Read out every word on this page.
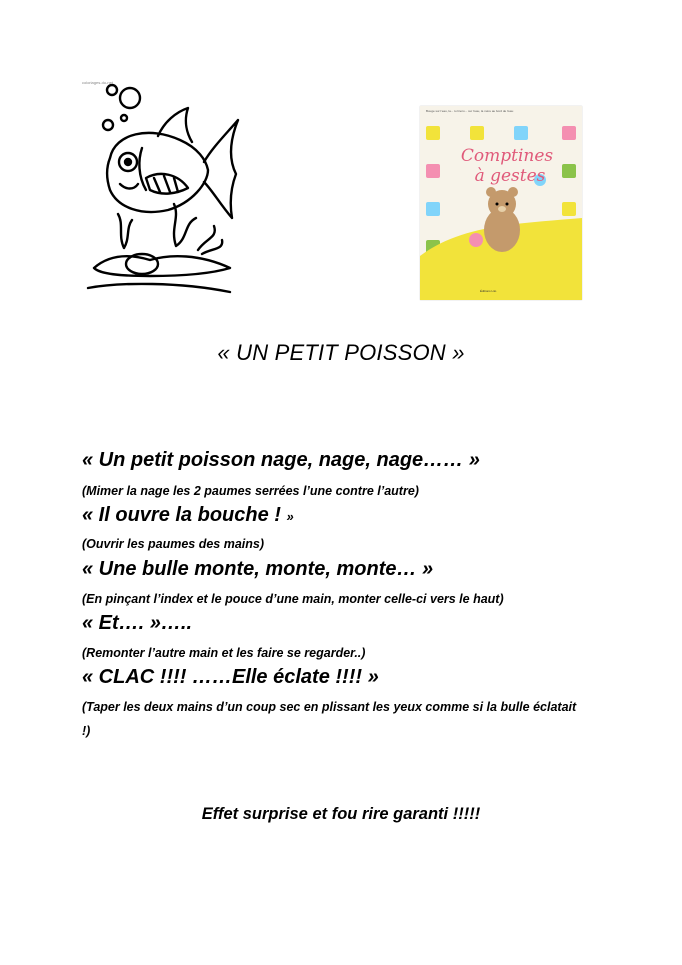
coloriages-du-net
Bouge sur l'eau, la... tu linoro... sur l'eau, la mère au bord de l'eau
Comptines
à gestes
Éditions Lito
« UN PETIT POISSON »
« Un petit poisson nage, nage, nage…… »
(Mimer la nage les 2 paumes serrées l’une contre l’autre)
« Il ouvre la bouche ! »
(Ouvrir les paumes des mains)
« Une bulle monte, monte, monte… »
(En pinçant l’index et le pouce d’une main, monter celle-ci vers le haut)
« Et…. »…..
(Remonter l’autre main et les faire se regarder..)
« CLAC !!!! ……Elle éclate !!!! »
(Taper les deux mains d’un coup sec en plissant les yeux comme si la bulle éclatait !)
Effet surprise et fou rire garanti !!!!!
